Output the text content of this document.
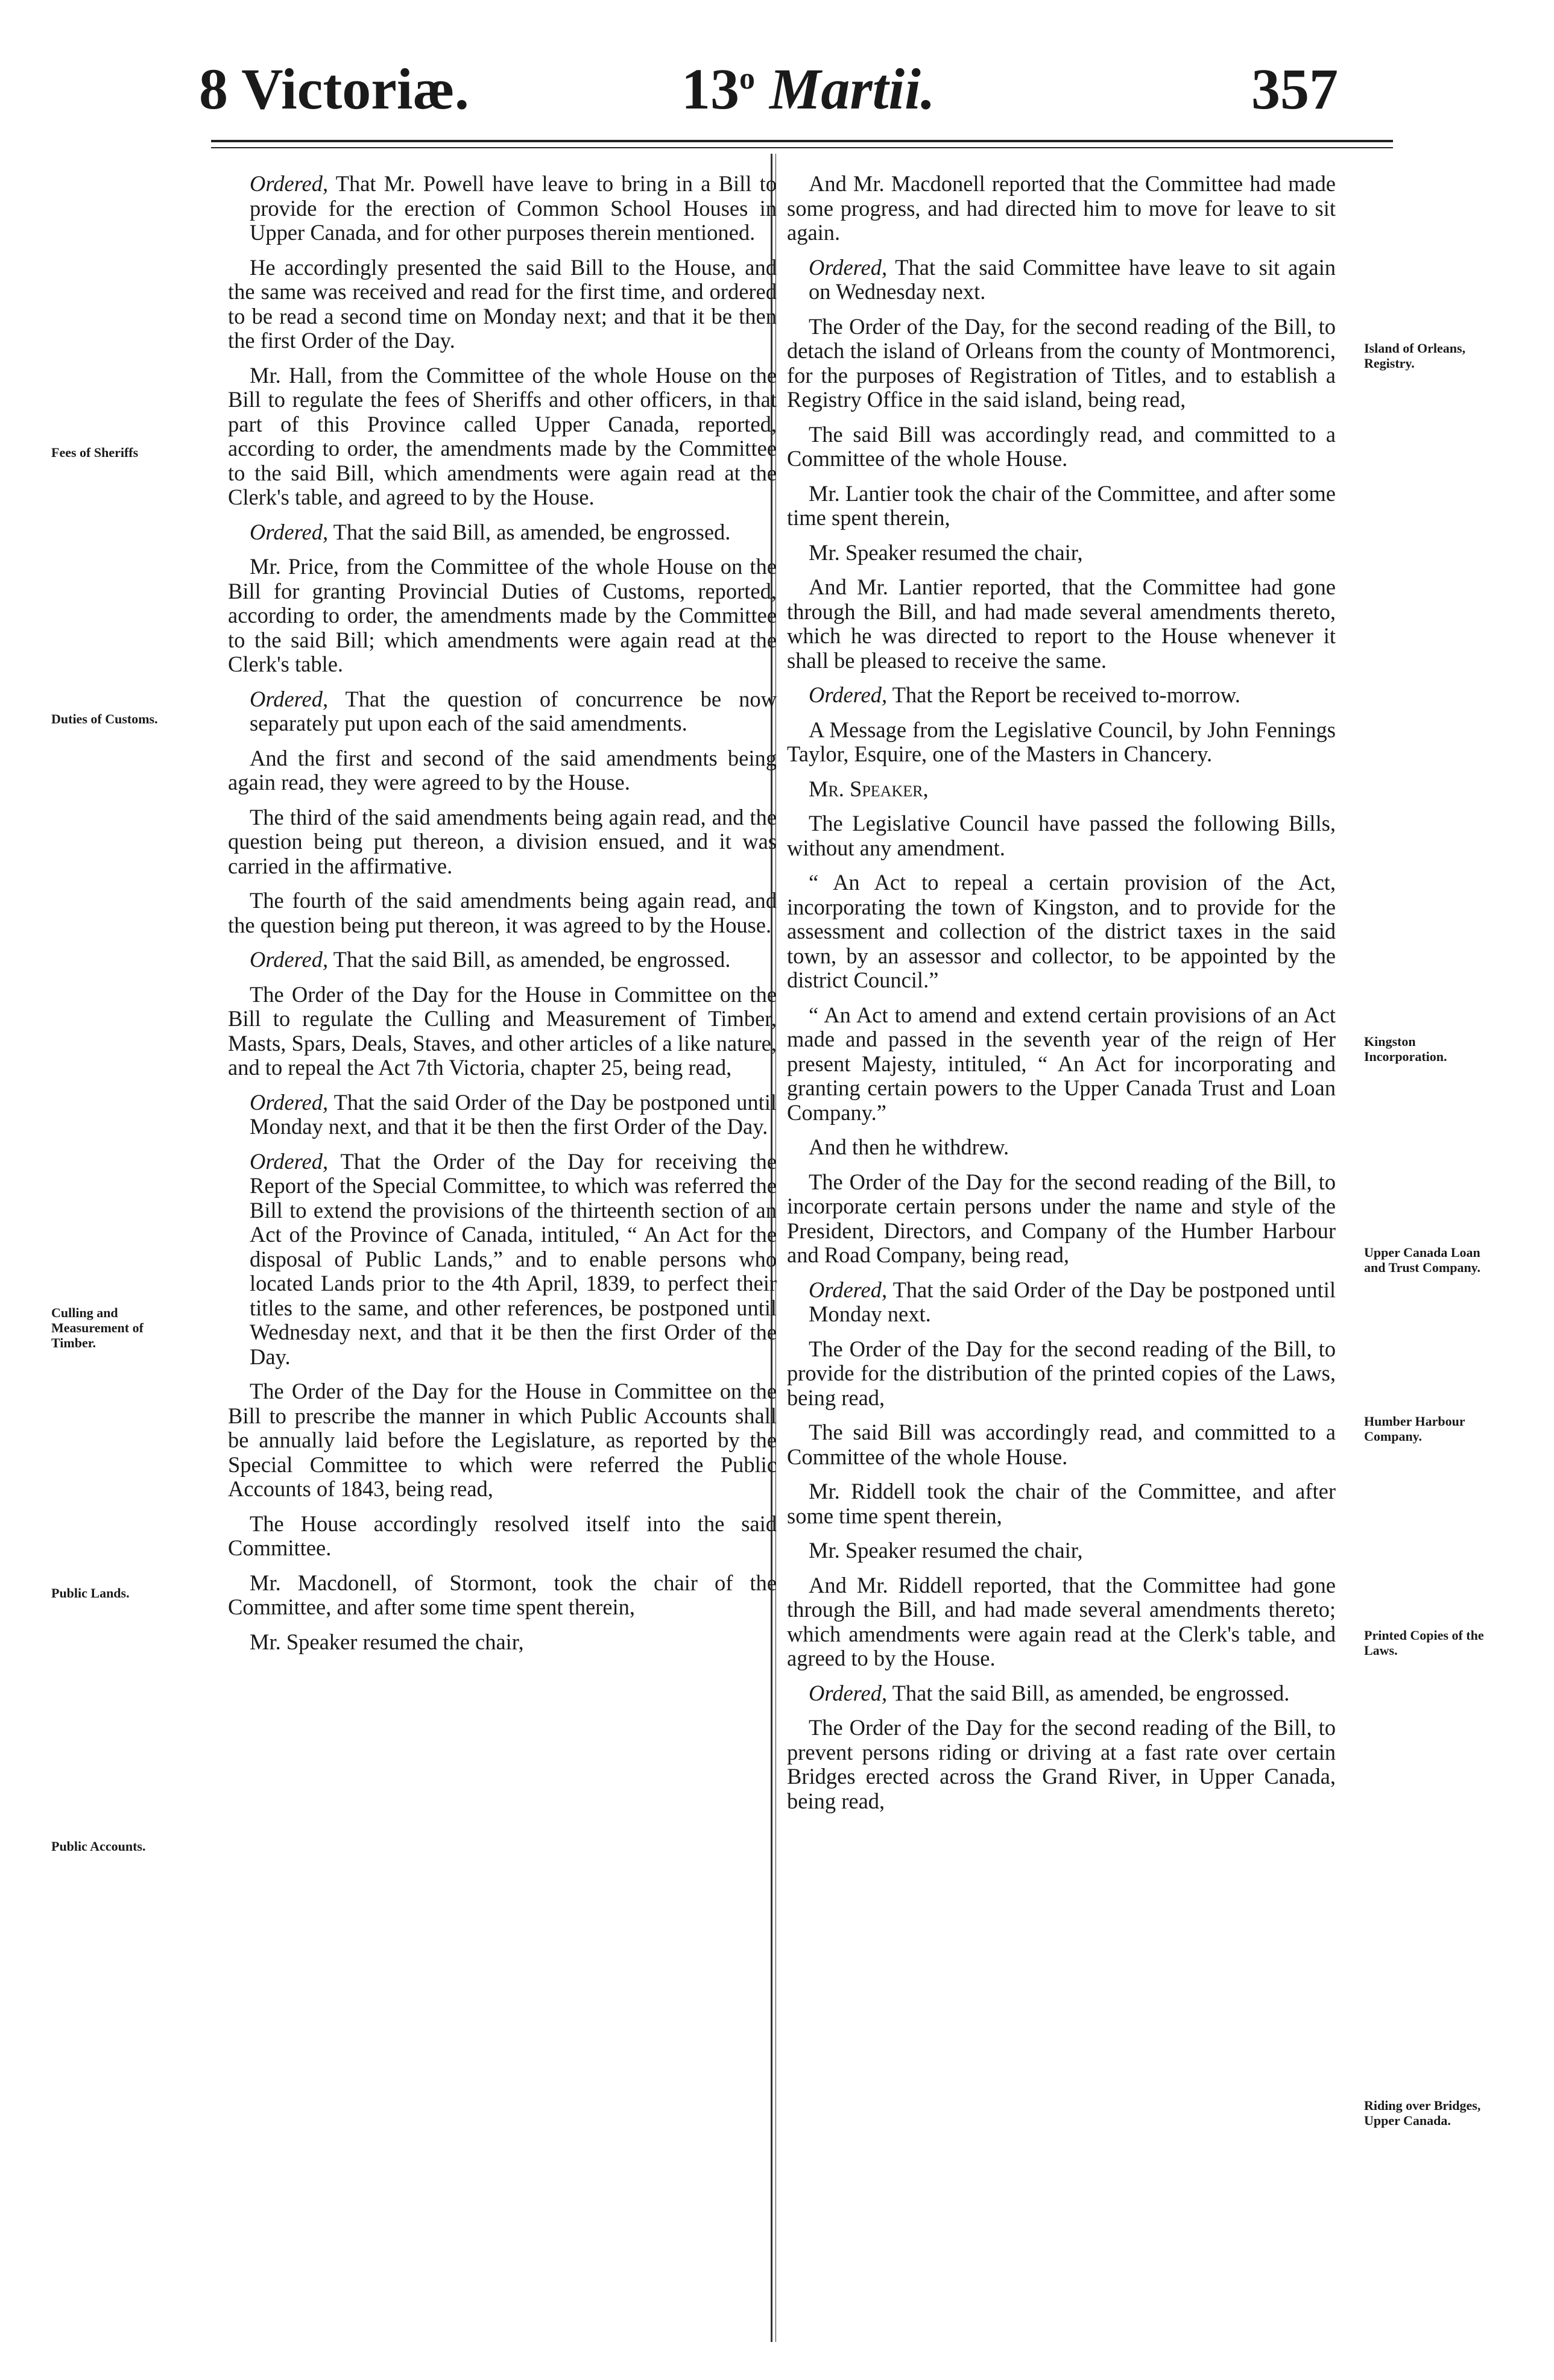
8 Victoriæ.	13$^o$ Martii.	357

Ordered, That Mr. Powell have leave to bring in a Bill to provide for the erection of Common School Houses in Upper Canada, and for other purposes therein mentioned.

He accordingly presented the said Bill to the House, and the same was received and read for the first time, and ordered to be read a second time on Monday next; and that it be then the first Order of the Day.

Mr. Hall, from the Committee of the whole House on the Bill to regulate the fees of Sheriffs and other officers, in that part of this Province called Upper Canada, reported, according to order, the amendments made by the Committee to the said Bill, which amendments were again read at the Clerk's table, and agreed to by the House.

Ordered, That the said Bill, as amended, be engrossed.

Mr. Price, from the Committee of the whole House on the Bill for granting Provincial Duties of Customs, reported, according to order, the amendments made by the Committee to the said Bill; which amendments were again read at the Clerk's table.

Ordered, That the question of concurrence be now separately put upon each of the said amendments.

And the first and second of the said amendments being again read, they were agreed to by the House.

The third of the said amendments being again read, and the question being put thereon, a division ensued, and it was carried in the affirmative.

The fourth of the said amendments being again read, and the question being put thereon, it was agreed to by the House.

Ordered, That the said Bill, as amended, be engrossed.

The Order of the Day for the House in Committee on the Bill to regulate the Culling and Measurement of Timber, Masts, Spars, Deals, Staves, and other articles of a like nature, and to repeal the Act 7th Victoria, chapter 25, being read,

Ordered, That the said Order of the Day be postponed until Monday next, and that it be then the first Order of the Day.

Ordered, That the Order of the Day for receiving the Report of the Special Committee, to which was referred the Bill to extend the provisions of the thirteenth section of an Act of the Province of Canada, intituled, “ An Act for the disposal of Public Lands,” and to enable persons who located Lands prior to the 4th April, 1839, to perfect their titles to the same, and other references, be postponed until Wednesday next, and that it be then the first Order of the Day.

The Order of the Day for the House in Committee on the Bill to prescribe the manner in which Public Accounts shall be annually laid before the Legislature, as reported by the Special Committee to which were referred the Public Accounts of 1843, being read,

The House accordingly resolved itself into the said Committee.

Mr. Macdonell, of Stormont, took the chair of the Committee, and after some time spent therein,

Mr. Speaker resumed the chair,

And Mr. Macdonell reported that the Committee had made some progress, and had directed him to move for leave to sit again.

Ordered, That the said Committee have leave to sit again on Wednesday next.

The Order of the Day, for the second reading of the Bill, to detach the island of Orleans from the county of Montmorenci, for the purposes of Registration of Titles, and to establish a Registry Office in the said island, being read,

The said Bill was accordingly read, and committed to a Committee of the whole House.

Mr. Lantier took the chair of the Committee, and after some time spent therein,

Mr. Speaker resumed the chair,

And Mr. Lantier reported, that the Committee had gone through the Bill, and had made several amendments thereto, which he was directed to report to the House whenever it shall be pleased to receive the same.

Ordered, That the Report be received to-morrow.

A Message from the Legislative Council, by John Fennings Taylor, Esquire, one of the Masters in Chancery.

Mr. Speaker,

The Legislative Council have passed the following Bills, without any amendment.

“ An Act to repeal a certain provision of the Act, incorporating the town of Kingston, and to provide for the assessment and collection of the district taxes in the said town, by an assessor and collector, to be appointed by the district Council.”

“ An Act to amend and extend certain provisions of an Act made and passed in the seventh year of the reign of Her present Majesty, intituled, “ An Act for incorporating and granting certain powers to the Upper Canada Trust and Loan Company.”

And then he withdrew.

The Order of the Day for the second reading of the Bill, to incorporate certain persons under the name and style of the President, Directors, and Company of the Humber Harbour and Road Company, being read,

Ordered, That the said Order of the Day be postponed until Monday next.

The Order of the Day for the second reading of the Bill, to provide for the distribution of the printed copies of the Laws, being read,

The said Bill was accordingly read, and committed to a Committee of the whole House.

Mr. Riddell took the chair of the Committee, and after some time spent therein,

Mr. Speaker resumed the chair,

And Mr. Riddell reported, that the Committee had gone through the Bill, and had made several amendments thereto; which amendments were again read at the Clerk's table, and agreed to by the House.

Ordered, That the said Bill, as amended, be engrossed.

The Order of the Day for the second reading of the Bill, to prevent persons riding or driving at a fast rate over certain Bridges erected across the Grand River, in Upper Canada, being read,

Fees of Sheriffs
Duties of Customs.
Culling and Measurement of Timber.
Public Lands.
Public Accounts.
Island of Orleans, Registry.
Kingston Incorporation.
Upper Canada Loan and Trust Company.
Humber Harbour Company.
Printed Copies of the Laws.
Riding over Bridges, Upper Canada.
